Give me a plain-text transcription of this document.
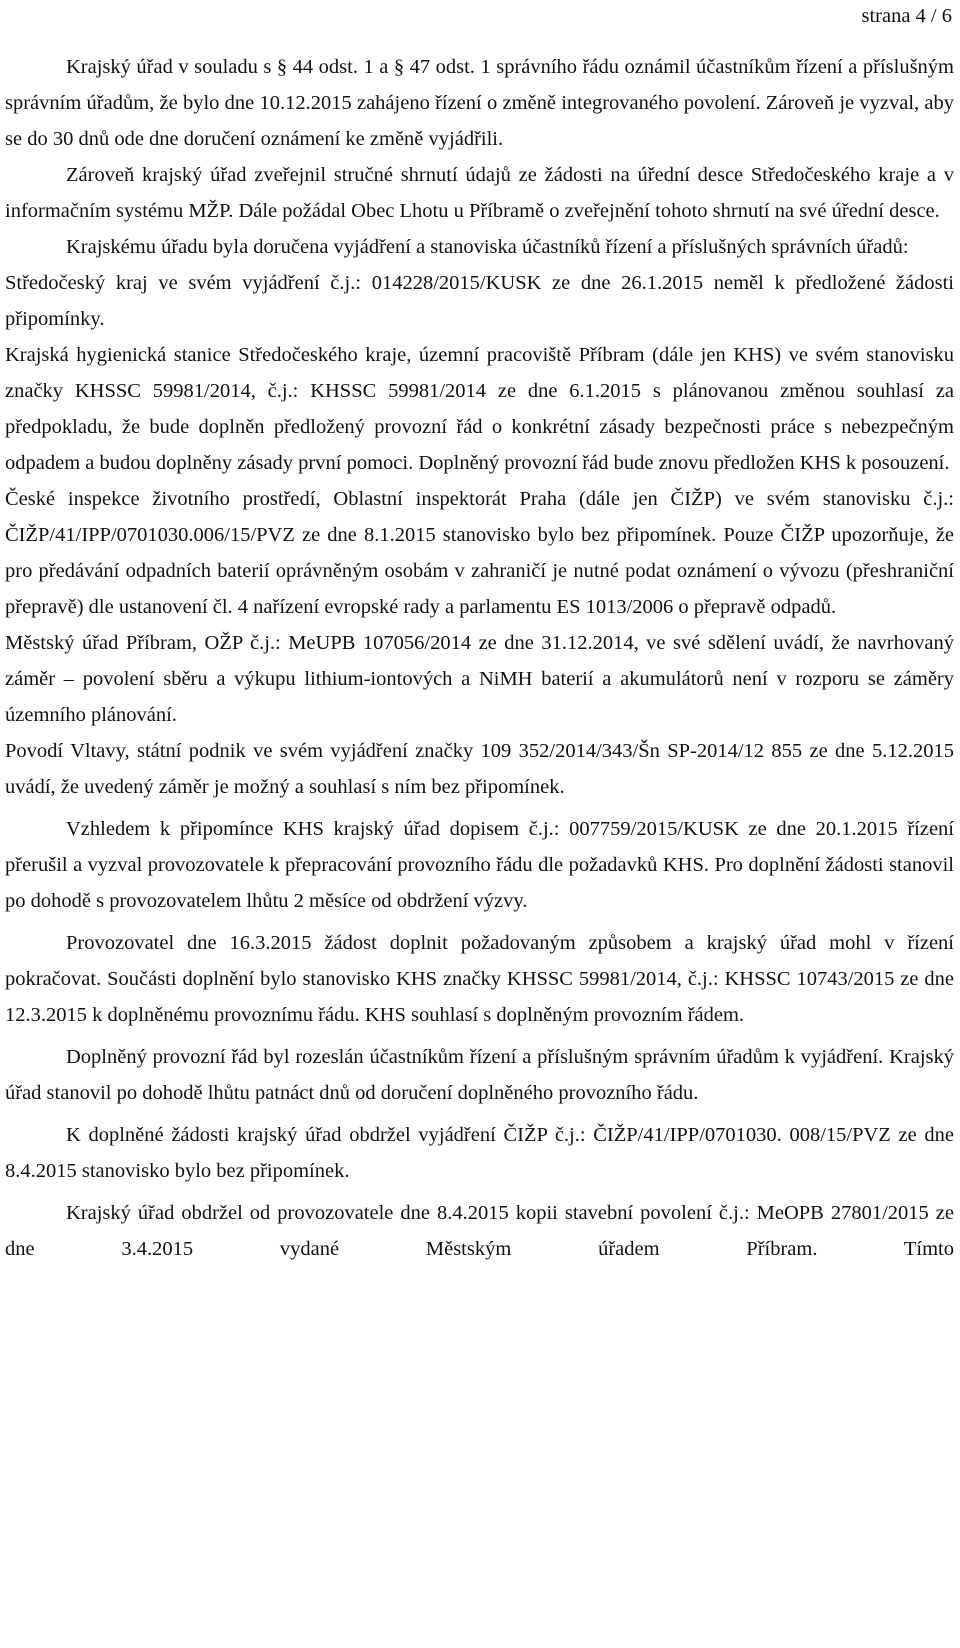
strana 4 / 6

Krajský úřad v souladu s § 44 odst. 1 a § 47 odst. 1 správního řádu oznámil účastníkům řízení a příslušným správním úřadům, že bylo dne 10.12.2015 zahájeno řízení o změně integrovaného povolení. Zároveň je vyzval, aby se do 30 dnů ode dne doručení oznámení ke změně vyjádřili.

Zároveň krajský úřad zveřejnil stručné shrnutí údajů ze žádosti na úřední desce Středočeského kraje a v informačním systému MŽP. Dále požádal Obec Lhotu u Příbramě o zveřejnění tohoto shrnutí na své úřední desce.

Krajskému úřadu byla doručena vyjádření a stanoviska účastníků řízení a příslušných správních úřadů:

Středočeský kraj ve svém vyjádření č.j.: 014228/2015/KUSK ze dne 26.1.2015 neměl k předložené žádosti připomínky.

Krajská hygienická stanice Středočeského kraje, územní pracoviště Příbram (dále jen KHS) ve svém stanovisku značky KHSSC 59981/2014, č.j.: KHSSC 59981/2014 ze dne 6.1.2015 s plánovanou změnou souhlasí za předpokladu, že bude doplněn předložený provozní řád o konkrétní zásady bezpečnosti práce s nebezpečným odpadem a budou doplněny zásady první pomoci. Doplněný provozní řád bude znovu předložen KHS k posouzení.

České inspekce životního prostředí, Oblastní inspektorát Praha (dále jen ČIŽP) ve svém stanovisku č.j.: ČIŽP/41/IPP/0701030.006/15/PVZ ze dne 8.1.2015 stanovisko bylo bez připomínek. Pouze ČIŽP upozorňuje, že pro předávání odpadních baterií oprávněným osobám v zahraničí je nutné podat oznámení o vývozu (přeshraniční přepravě) dle ustanovení čl. 4 nařízení evropské rady a parlamentu ES 1013/2006 o přepravě odpadů.

Městský úřad Příbram, OŽP č.j.: MeUPB 107056/2014 ze dne 31.12.2014, ve své sdělení uvádí, že navrhovaný záměr – povolení sběru a výkupu lithium-iontových a NiMH baterií a akumulátorů není v rozporu se záměry územního plánování.

Povodí Vltavy, státní podnik ve svém vyjádření značky 109 352/2014/343/Šn SP-2014/12 855 ze dne 5.12.2015 uvádí, že uvedený záměr je možný a souhlasí s ním bez připomínek.

Vzhledem k připomínce KHS krajský úřad dopisem č.j.: 007759/2015/KUSK ze dne 20.1.2015 řízení přerušil a vyzval provozovatele k přepracování provozního řádu dle požadavků KHS. Pro doplnění žádosti stanovil po dohodě s provozovatelem lhůtu 2 měsíce od obdržení výzvy.

Provozovatel dne 16.3.2015 žádost doplnit požadovaným způsobem a krajský úřad mohl v řízení pokračovat. Součásti doplnění bylo stanovisko KHS značky KHSSC 59981/2014, č.j.: KHSSC 10743/2015 ze dne 12.3.2015 k doplněnému provoznímu řádu. KHS souhlasí s doplněným provozním řádem.

Doplněný provozní řád byl rozeslán účastníkům řízení a příslušným správním úřadům k vyjádření. Krajský úřad stanovil po dohodě lhůtu patnáct dnů od doručení doplněného provozního řádu.

K doplněné žádosti krajský úřad obdržel vyjádření ČIŽP č.j.: ČIŽP/41/IPP/0701030. 008/15/PVZ ze dne 8.4.2015 stanovisko bylo bez připomínek.

Krajský úřad obdržel od provozovatele dne 8.4.2015 kopii stavební povolení č.j.: MeOPB 27801/2015 ze dne 3.4.2015 vydané Městským úřadem Příbram. Tímto
